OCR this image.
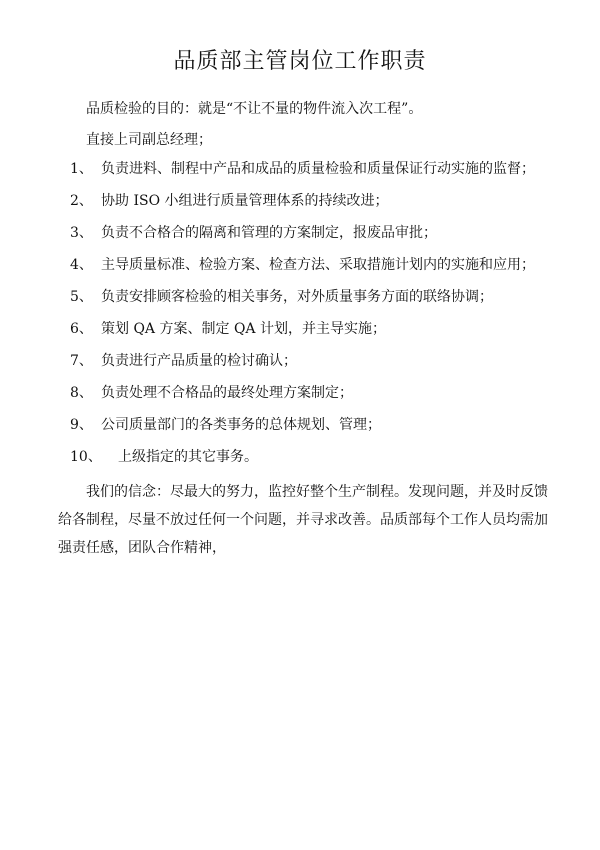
品质部主管岗位工作职责
品质检验的目的：就是“不让不量的物件流入次工程”。
直接上司副总经理；
1、 负责进料、制程中产品和成品的质量检验和质量保证行动实施的监督；
2、 协助 ISO 小组进行质量管理体系的持续改进；
3、 负责不合格合的隔离和管理的方案制定，报废品审批；
4、 主导质量标准、检验方案、检查方法、采取措施计划内的实施和应用；
5、 负责安排顾客检验的相关事务，对外质量事务方面的联络协调；
6、 策划 QA 方案、制定 QA 计划，并主导实施；
7、 负责进行产品质量的检讨确认；
8、 负责处理不合格品的最终处理方案制定；
9、 公司质量部门的各类事务的总体规划、管理；
10、 上级指定的其它事务。
我们的信念：尽最大的努力，监控好整个生产制程。发现问题，并及时反馈给各制程，尽量不放过任何一个问题，并寻求改善。品质部每个工作人员均需加强责任感，团队合作精神，
